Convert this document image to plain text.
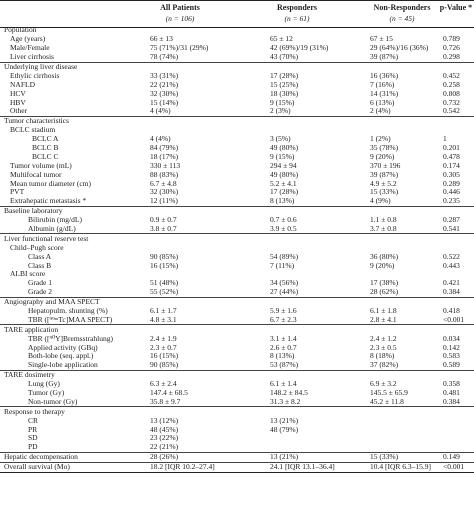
All Patients
(n = 106)
Responders
(n = 61)
Non-Responders
(n = 45)
p-Value *
Population
Age (years)	66 ± 13	65 ± 12	67 ± 15	0.789
Male/Female	75 (71%)/31 (29%)	42 (69%)/19 (31%)	29 (64%)/16 (36%) 0.726
Liver cirrhosis	78 (74%)	43 (70%)	39 (87%)	0.298
Underlying liver disease
Ethylic cirrhosis	33 (31%)	17 (28%)	16 (36%)	0.452
NAFLD	22 (21%)	15 (25%)	7 (16%)	0.258
HCV	32 (30%)	18 (30%)	14 (31%)	0.808
HBV	15 (14%)	9 (15%)	6 (13%)	0.732
Other	4 (4%)	2 (3%)	2 (4%)	0.542
Tumor characteristics
BCLC stadium
BCLC A	4 (4%)	3 (5%)	1 (2%)	1
BCLC B	84 (79%)	49 (80%)	35 (78%)	0.201
BCLC C	18 (17%)	9 (15%)	9 (20%)	0.478
Tumor volume (mL)	330 ± 113	294 ± 94	370 ± 196	0.174
Multifocal tumor	88 (83%)	49 (80%)	39 (87%)	0.305
Mean tumor diameter (cm)	6.7 ± 4.8	5.2 ± 4.1	4.9 ± 5.2	0.289
PVT	32 (30%)	17 (28%)	15 (33%)	0.446
Extrahepatic metastasis *	12 (11%)	8 (13%)	4 (9%)	0.235
Baseline laboratory
Bilirubin (mg/dL)	0.9 ± 0.7	0.7 ± 0.6	1.1 ± 0.8	0.287
Albumin (g/dL)	3.8 ± 0.7	3.9 ± 0.5	3.7 ± 0.8	0.541
Liver functional reserve test
Child–Pugh score
Class A	90 (85%)	54 (89%)	36 (80%)	0.522
Class B	16 (15%)	7 (11%)	9 (20%)	0.443
ALBI score
Grade 1	51 (48%)	34 (56%)	17 (38%)	0.421
Grade 2	55 (52%)	27 (44%)	28 (62%)	0.384
Angiography and MAA SPECT
Hepatopulm. shunting (%)	6.1 ± 1.7	5.9 ± 1.6	6.1 ± 1.8	0.418
TBR ([⁹⁹ᵐTc]MAA SPECT)	4.8 ± 3.1	6.7 ± 2.3	2.8 ± 4.1	<0.001
TARE application
TBR ([⁹⁰Y]Bremsstrahlung)	2.4 ± 1.9	3.1 ± 1.4	2.4 ± 1.2	0.034
Applied activity (GBq)	2.3 ± 0.7	2.6 ± 0.7	2.3 ± 0.5	0.142
Both-lobe (seq. appl.)	16 (15%)	8 (13%)	8 (18%)	0.583
Single-lobe application	90 (85%)	53 (87%)	37 (82%)	0.589
TARE dosimetry
Lung (Gy)	6.3 ± 2.4	6.1 ± 1.4	6.9 ± 3.2	0.358
Tumor (Gy)	147.4 ± 68.5	148.2 ± 84.5	145.5 ± 65.9	0.481
Non-tumor (Gy)	35.8 ± 9.7	31.3 ± 8.2	45.2 ± 11.8	0.384
Response to therapy
CR	13 (12%)	13 (21%)
PR	48 (45%)	48 (79%)
SD	23 (22%)
PD	22 (21%)
Hepatic decompensation	28 (26%)	13 (21%)	15 (33%)	0.149
Overall survival (Mo)	18.2 [IQR 10.2–27.4]	24.1 [IQR 13.1–36.4]	10.4 [IQR 6.3–15.9] <0.001
